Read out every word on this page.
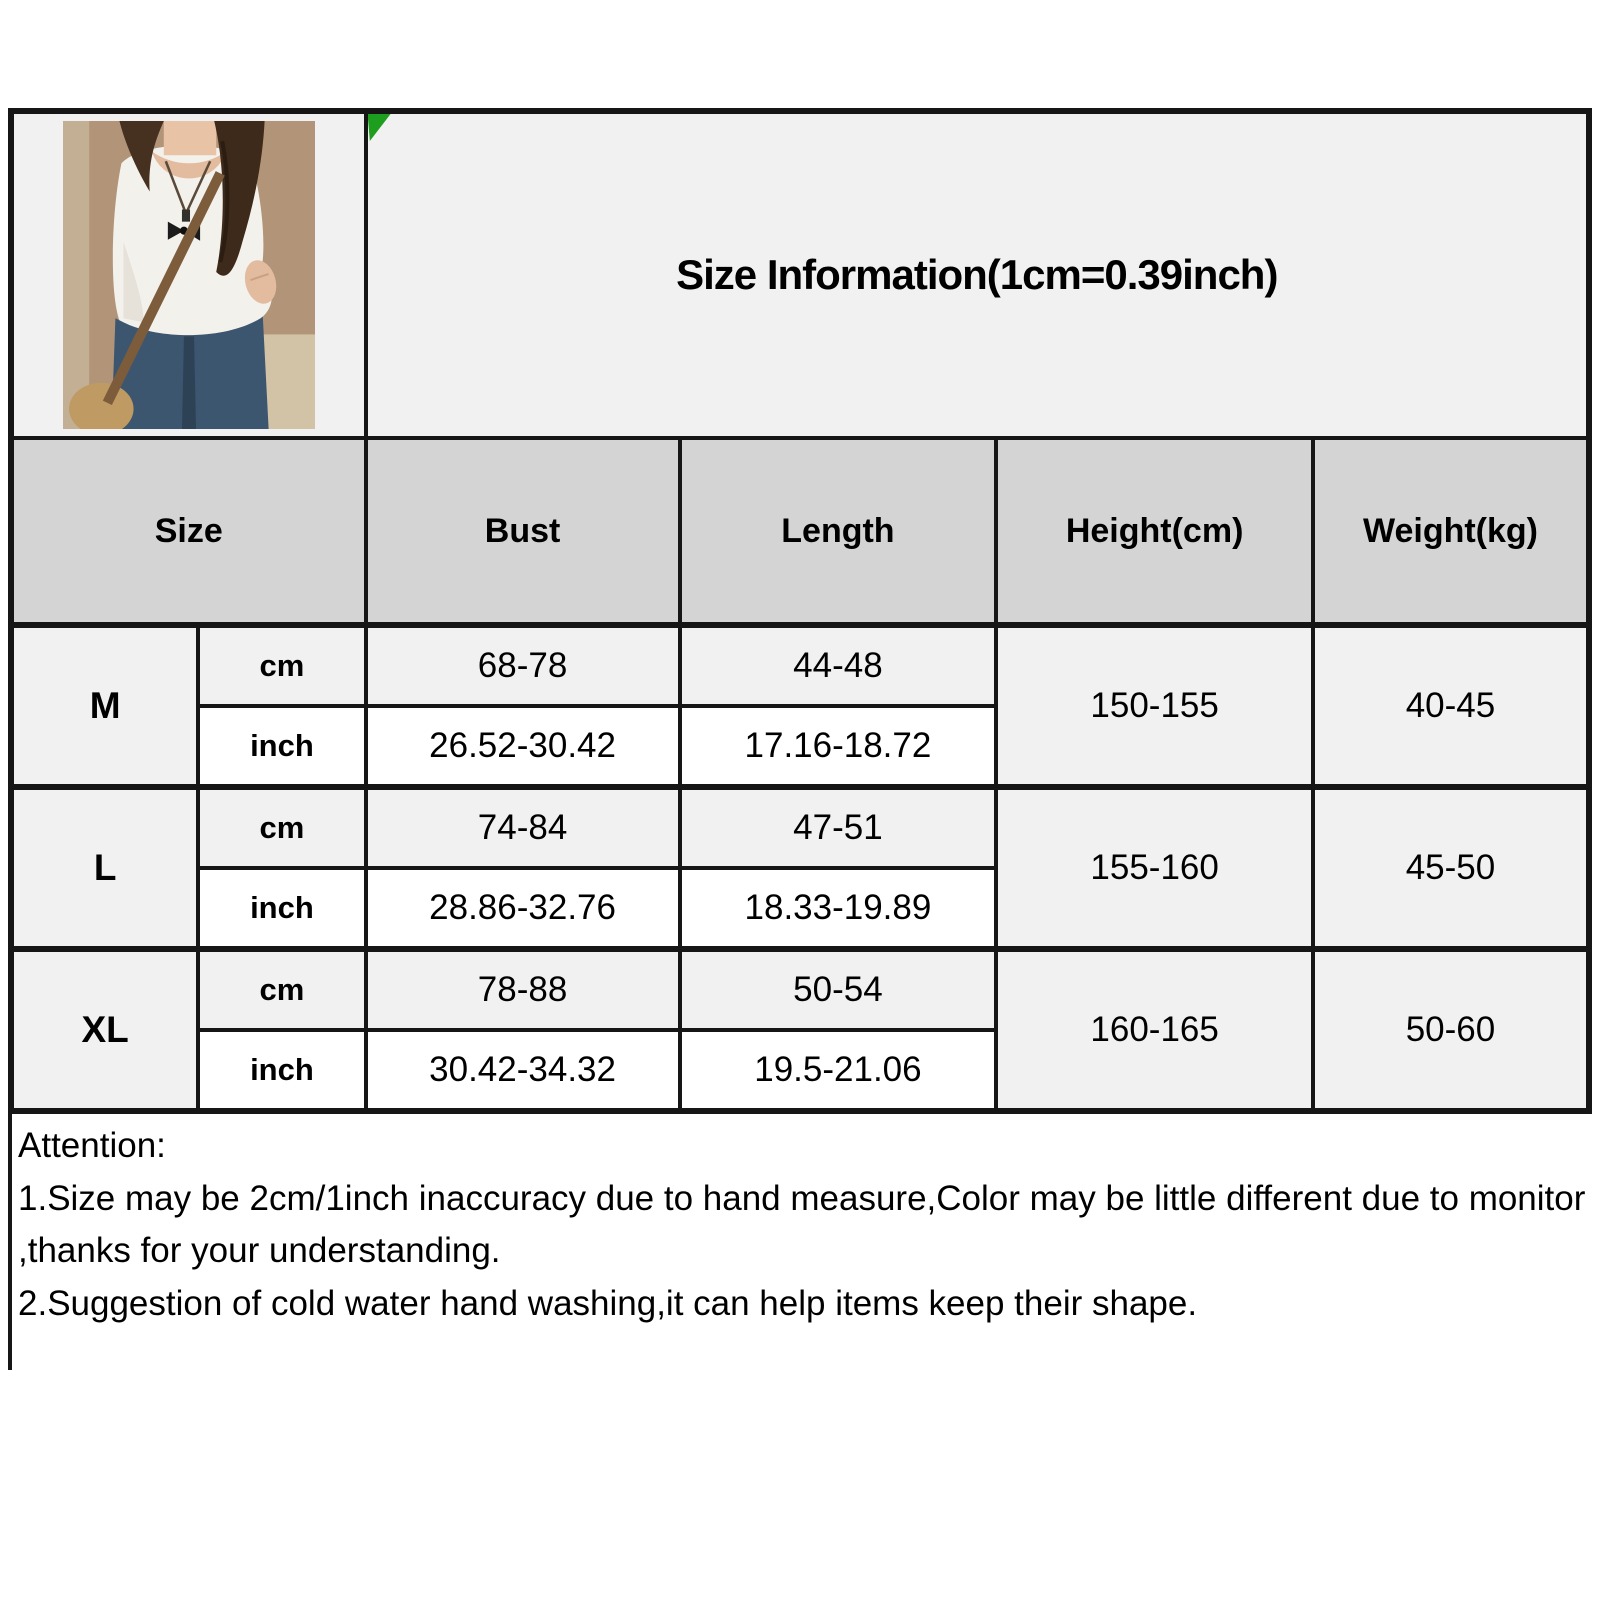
Size Information(1cm=0.39inch)			
Size		Bust	Length	Height(cm)	Weight(kg)
M	cm	68-78	44-48	150-155	40-45
	inch	26.52-30.42	17.16-18.72		
L	cm	74-84	47-51	155-160	45-50
	inch	28.86-32.76	18.33-19.89		
XL	cm	78-88	50-54	160-165	50-60
	inch	30.42-34.32	19.5-21.06		
Attention:
1.Size may be 2cm/1inch inaccuracy due to hand measure,Color may be little different due to monitor ,thanks for your understanding.
2.Suggestion of cold water hand washing,it can help items keep their shape.
